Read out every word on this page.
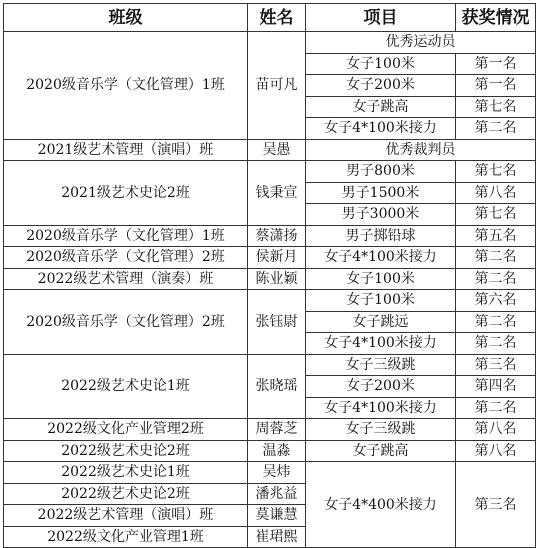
班级	姓名	项目	获奖情况
2020级音乐学（文化管理）1班	苗可凡	优秀运动员	
		女子100米	第一名
		女子200米	第一名
		女子跳高	第七名
		女子4*100米接力	第二名
2021级艺术管理（演唱）班	吴愚	优秀裁判员	
2021级艺术史论2班	钱秉宣	男子800米	第七名
		男子1500米	第八名
		男子3000米	第七名
2020级音乐学（文化管理）1班	蔡潇扬	男子掷铅球	第五名
2020级音乐学（文化管理）2班	侯新月	女子4*100米接力	第二名
2022级艺术管理（演奏）班	陈业颖	女子100米	第二名
2020级音乐学（文化管理）2班	张钰尉	女子100米	第六名
		女子跳远	第二名
		女子4*100米接力	第二名
2022级艺术史论1班	张晓瑶	女子三级跳	第三名
		女子200米	第四名
		女子4*100米接力	第二名
2022级文化产业管理2班	周蓉芝	女子三级跳	第八名
2022级艺术史论2班	温淼	女子跳高	第八名
2022级艺术史论1班	吴炜	女子4*400米接力	第三名
2022级艺术史论2班	潘兆益		
2022级艺术管理（演唱）班	莫谦慧		
2022级文化产业管理1班	崔珺熙		
